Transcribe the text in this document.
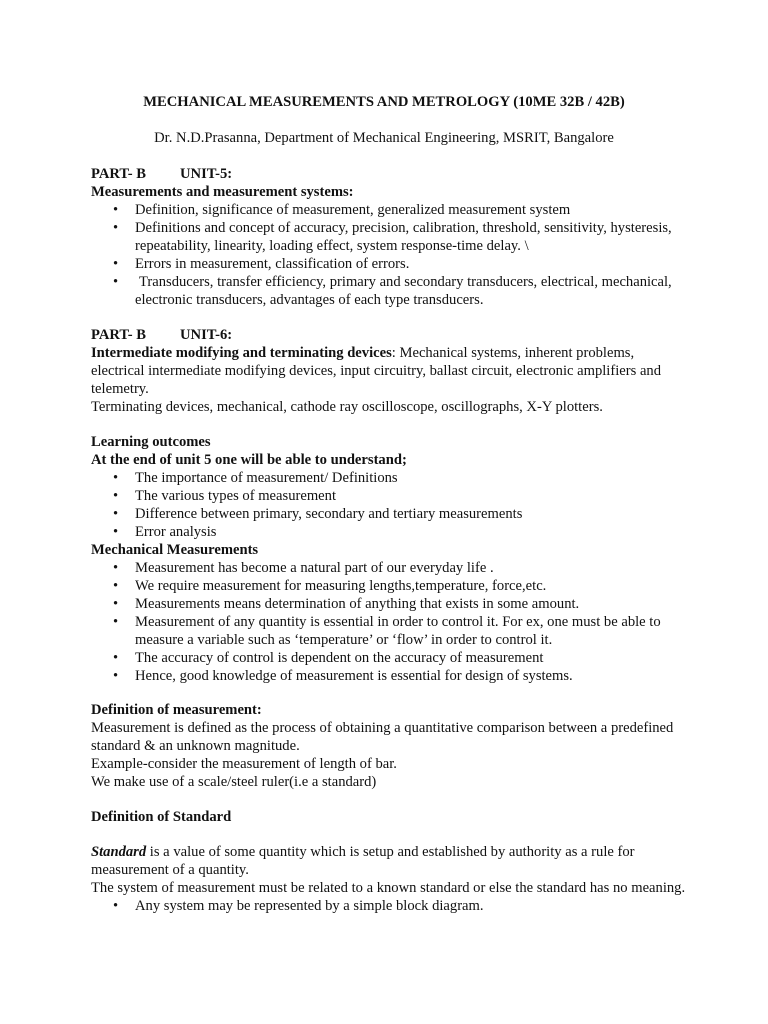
MECHANICAL MEASUREMENTS AND METROLOGY (10ME 32B / 42B)
Dr. N.D.Prasanna, Department of Mechanical Engineering, MSRIT, Bangalore

PART- B UNIT-5:

Measurements and measurement systems:

• Definition, significance of measurement, generalized measurement system
• Definitions and concept of accuracy, precision, calibration, threshold, sensitivity, hysteresis, repeatability, linearity, loading effect, system response-time delay. \
• Errors in measurement, classification of errors.
• Transducers, transfer efficiency, primary and secondary transducers, electrical, mechanical, electronic transducers, advantages of each type transducers.

PART- B UNIT-6:

Intermediate modifying and terminating devices: Mechanical systems, inherent problems, electrical intermediate modifying devices, input circuitry, ballast circuit, electronic amplifiers and telemetry.

Terminating devices, mechanical, cathode ray oscilloscope, oscillographs, X-Y plotters.

Learning outcomes

At the end of unit 5 one will be able to understand;

• The importance of measurement/ Definitions
• The various types of measurement
• Difference between primary, secondary and tertiary measurements
• Error analysis

Mechanical Measurements

• Measurement has become a natural part of our everyday life .
• We require measurement for measuring lengths,temperature, force,etc.
• Measurements means determination of anything that exists in some amount.
• Measurement of any quantity is essential in order to control it. For ex, one must be able to measure a variable such as ‘temperature’ or ‘flow’ in order to control it.
• The accuracy of control is dependent on the accuracy of measurement
• Hence, good knowledge of measurement is essential for design of systems.

Definition of measurement:

Measurement is defined as the process of obtaining a quantitative comparison between a predefined standard & an unknown magnitude.

Example-consider the measurement of length of bar.

We make use of a scale/steel ruler(i.e a standard)

Definition of Standard

Standard is a value of some quantity which is setup and established by authority as a rule for measurement of a quantity.

The system of measurement must be related to a known standard or else the standard has no meaning.

• Any system may be represented by a simple block diagram.
